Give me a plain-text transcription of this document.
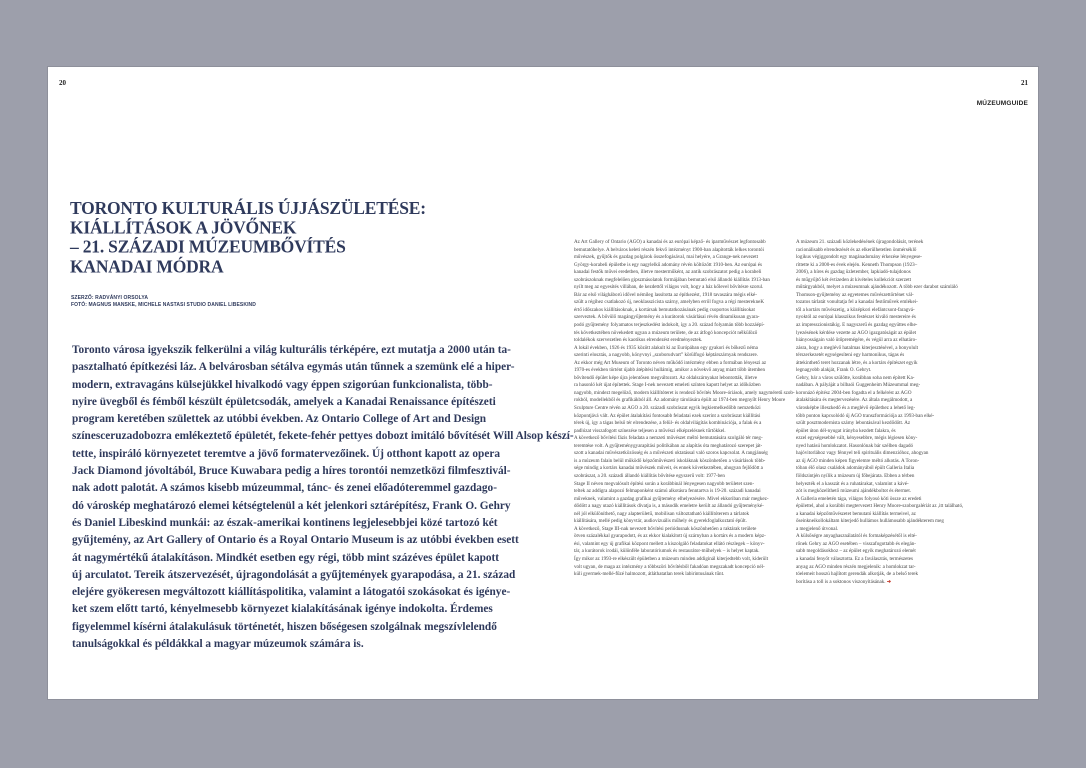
20	21
MÚZEUMGUIDE
TORONTO KULTURÁLIS ÚJJÁSZÜLETÉSE:
KIÁLLÍTÁSOK A JÖVŐNEK
– 21. SZÁZADI MÚZEUMBŐVÍTÉS
KANADAI MÓDRA
SZERZŐ: RADVÁNYI ORSOLYA
FOTÓ: MAGNUS MANSKE, MICHELE NASTASI STUDIO DANIEL LIBESKIND
Toronto városa igyekszik felkerülni a világ kulturális térképére, ezt mutatja a 2000 után ta-
pasztalható építkezési láz. A belvárosban sétálva egymás után tűnnek a szemünk elé a hiper-
modern, extravagáns külsejükkel hivalkodó vagy éppen szigorúan funkcionalista, több-
nyire üvegből és fémből készült épületcsodák, amelyek a Kanadai Renaissance építészeti
program keretében születtek az utóbbi években. Az Ontario College of Art and Design
színesceruzadobozra emlékeztető épületét, fekete-fehér pettyes dobozt imitáló bővítését Will Alsop készí-
tette, inspiráló környezetet teremtve a jövő formatervezőinek. Új otthont kapott az opera
Jack Diamond jóvoltából, Bruce Kuwabara pedig a híres torontói nemzetközi filmfesztivál-
nak adott palotát. A számos kisebb múzeummal, tánc- és zenei előadóteremmel gazdago-
dó városkép meghatározó elemei kétségtelenül a két jelenkori sztárépítész, Frank O. Gehry
és Daniel Libeskind munkái: az észak-amerikai kontinens legjelesebbjei közé tartozó két
gyűjtemény, az Art Gallery of Ontario és a Royal Ontario Museum is az utóbbi években esett
át nagymértékű átalakításon. Mindkét esetben egy régi, több mint százéves épület kapott
új arculatot. Tereik átszervezését, újragondolását a gyűjtemények gyarapodása, a 21. század
elejére gyökeresen megváltozott kiállításpolitika, valamint a látogatói szokásokat és igénye-
ket szem előtt tartó, kényelmesebb környezet kialakításának igénye indokolta. Érdemes
figyelemmel kísérni átalakulásuk történetét, hiszen bőségesen szolgálnak megszívlelendő
tanulságokkal és példákkal a magyar múzeumok számára is.
Az Art Gallery of Ontario (AGO) a kanadai és az európai képző- és iparművészet legfontosabb
bemutatóhelye. A belváros keleti részén fekvő intézményt 1900-ban alapították lelkes torontói
művészek, gyűjtők és gazdag polgárok összefogásával, mai helyére, a Grange-nek nevezett
György-korabeli épületbe is egy nagylelkű adomány révén költözött 1910-ben. Az európai és
kanadai festők művei eredetben, illetve mesterműként, az antik szobrászatot pedig a korabeli
szobrászoknak megfelelően gipszmásolatok formájában bemutató első állandó kiállítás 1913-ban
nyílt meg az egyesítés villában, de kezdettől világos volt, hogy a ház kőlevel bővítésre szorul.
Bár az első világháború idővel némileg lassította az építkezést, 1918 tavaszára mégis elké-
szült a régihez csatlakozó új, neoklasszicista szárny, amelyben erről fogva a régi mesterekneK
értő időszakos kiállításoknak, a kortársak bemutatkozásának pedig csoportos kiállításokat
szerveztek. A bővülő magángyűjtemény és a kurátorok vásárlásai révén dinamikusan gyara-
podó gyűjtemény folyamatos terjeszkedést indokolt, így a 20. század folyamán több hozzáépí-
tés következtében növekedett ugyan a múzeum területe, de az átfogó koncepciót nélkülöző
toldalékok szervezetlen és kaotikus elrendezést eredményeztek.
A lokál években, 1926 és 1935 között alakult ki az Európában egy gyakori és bőkezű néma
szerinti elosztás, a nagyobb, könyvnyi „szoborudvart” körülfogó képtárszárnyak rendszere.
Az ekkor még Art Museum of Toronto néven működő intézmény ebben a formában lényeszi az
1970-es években történt újabb átépítési hullámig, amikor a növekvő anyag miatt több ütemben
bővítendő épület képe újra jelentősen megváltozott. Az oldalszárnyakat lebontották, illetve
ra hasonló két újat építettek. Stage I-nek nevezett emeleti színten kapott helyet az időközben
nagyobb, mindezt megelőző, modern kiállítóteret is rendező bővítés Moore-óriások, amely nagyméretű szob-
rokból, modellekből és grafikákból áll. Az adomány tárolására épült az 1974-ben megnyílt Henry Moore
Sculpture Centre révén az AGO a 20. századi szobrászat egyik legkiemelkedőbb nemzetközi
központjává vált. Az épület átalakítási fontosabb feladatai ezek szerint a szobrászat kiállítási
térek új, így a tágas belső tér elrendezése, a felül- és oldalvilágítás kombinációja, a falak és a
padlózat visszafogott színezése teljesen a művészi elképzelésnek tűrtökkel.
A következő bővítési fázis feladata a nemzeti művészet méltó bemutatására szolgáló tér meg-
teremtése volt. A gyűjteménygyarapítási politikában az alapítás óta meghatározó szerepet ját-
szott a kanadai művészetközösség és a művészeti oktatással való szoros kapcsolat. A rangjánség
is a múzeum falain belül működő képzőművészeti iskoláknak köszönhetően a vásárlások több-
sége mindig a kortárs kanadai művészek műveit, és ennek következtében, ahogyan fejlődött a
szobrászat, a 20. századi állandó kiállítás bővítése egyszerű volt: 1977-ben
Stage II néven megvalósult építési során a korábbinál lényegesen nagyobb területet szen-
teltek az addigra alapozó felmaponként számú alkotásra fenntartva is 19-20. századi kanadai
műveknek, valamint a gazdag grafikai gyűjtemény elhelyezésére. Mivel ekkoriban már megkez-
dődött a nagy utazó kiállítások divatja is, a második emeletre került az állandó gyűjteményké-
nél jól elkülöníthető, nagy alapterületű, mobilisan változtatható kiállítóterem a tárlatok
kiállítására, mellé pedig könyvtár, audiovizuális műhely és gyerekfoglalkoztató épült.
A következő, Stage III-nak nevezett bővítési periódusnak köszönhetően a raktárak területe
ötven százalékkal gyarapodott, és az ekkor kialakított új szárnyban a kortárs és a modern képz-
ési, valamint egy új grafikai központ mellett a kiszolgáló feladatokat ellátó részlegek – könyv-
tár, a kurátorok irodái, különféle laboratóriumok és restaurátor-műhelyek – is helyet kaptak.
Így mikor az 1993-re elkészült épületben a múzeum minden addiginál kiterjedtebb volt, kiderült
volt ugyan, de maga az intézmény a többszöri bővítésből fakadóan megszakadt koncepció nél-
küli gyermek-mellé-fűzé halmozott, átláthatatlan terek labirintusának tűnt.
A múzeum 21. századi közlekedésének újragondolását, terének
racionálisabb elrendezését és az elkerülhetetlen önmérséklő
logikus végiggondolt egy magánadomány érkezése lényegese-
ríttette ki a 2000-es évek elején. Kenneth Thompson (1923–
2006), a híres és gazdag üzletember, lapkiadó-tulajdonos
és műgyűjtő két évtizeden át kivételes kollekciót szerzett
műtárgyakból, melyet a múzeumnak ajándékozott. A több ezer darabot számláló
Thomson-gyűjtemény az egyetemes művészettörténet vál-
tozatos tárlatát vonultatja fel a kanadai festőművek emlékei-
től a kortárs művészetig, a középkori elefántcsont-faragvá-
nyoktól az európai klasszikus festészet kiváló mestereire és
az impresszionistákig. E nagyszerű és gazdag együttes elhe-
lyezésének kérdése vezette az AGO igazgatóságát az épület
hiányosságain való ütőpremégére, és végül arra az elhatáro-
zásra, hogy a meglévő hatalmas kiterjesztésével, a bonyolult
térszerkezetét egységesíteni egy harmonikus, tágas és
áttekinthető teret hozzanak létre, és a kortárs építészet egyik
legnagyobb alakját, Frank O. Gehryt.
Gehry, bár a város szülötte, korábban soha nem épített Ka-
nadában. A pályáját a bilbaói Guggenheim Múzeummal meg-
koronázó építész 2004-ben fogadta el a felkérést az AGO
átalakítására és megtervezésére. Az általa megálmodott, a
városképbe illeszkedő és a meglévő épülethez a lehető leg-
több ponton kapcsolódó új AGO transzformációja az 1993-ban elké-
szült posztmodernista szárny lebontásával kezdődött. Az
épület úton dél-nyugat irányba kezdett falakra, és
ezzel egységesebbé vált, kényesebbre, mégis légiesen köny-
nyed hatású homlokzatot. Hasonlónak bár szélben dagadó
hajóvitorlához vagy fénnyel teli spirituális dimenzióhoz, ahogyan
az új AGO minden képen figyelemre méltó alkotás. A Toron-
tóban élő olasz családok adományából épült Galleria Italia
földszintjén nyílik a múzeum új főbejárata. Ebben a térben
helyezték el a kasszát és a ruhatárakat, valamint a kávé-
zót is megközelíthető múzeumi ajándékboltot és étermet.
A Galleria emeletén tága, világos folyosó köti össze az eredeti
épülettel, ahol a korábbi megtervezett Henry Moore-szoborgalériát az ,itt található,
a kanadai képzőművészetet bemutató kiállítás termeivel, az
őseinkneikollokáltam kiterjedő hullámos hullámosabb ajándékterem meg
a megjelenő útvonal.
A külsőségre anyaghasználatától és formaképzésétől is elté-
rőnek Gehry az AGO esetében – visszafogottabb és elegán-
sabb megoldásokhoz – az épület egyik meghatározó elemét
a kanadai fenyőt választotta. Ez a faválasztás, természetes
anyag az AGO minden részén megjelenik: a homlokzat tar-
tóelemeit hosszú hajlított gerendák alkotják, de a belső terek
borítása a toll is a soktonos viszonyításának. ➔
